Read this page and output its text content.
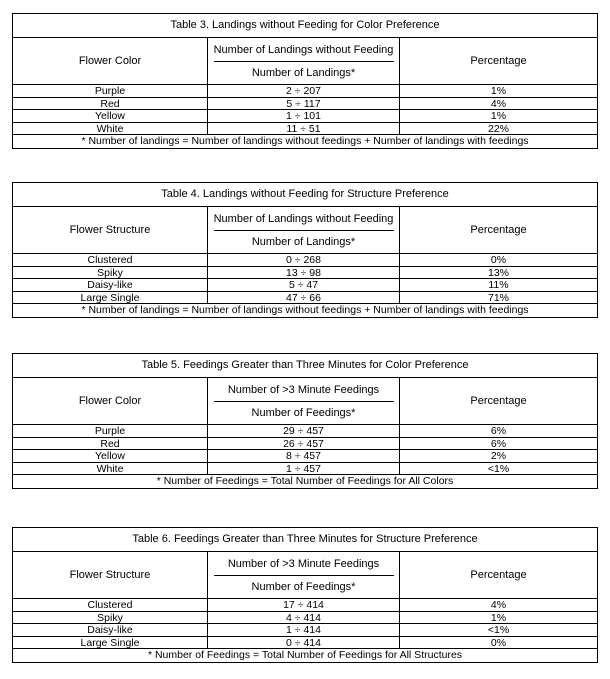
Table 3. Landings without Feeding for Color Preference
Flower Color	$\frac{\text{Number of Landings without Feeding}}{\text{Number of Landings*}}$	Percentage
Purple	2 ÷ 207	1%
Red	5 ÷ 117	4%
Yellow	1 ÷ 101	1%
White	11 ÷ 51	22%
* Number of landings = Number of landings without feedings + Number of landings with feedings
Table 4. Landings without Feeding for Structure Preference
Flower Structure	$\frac{\text{Number of Landings without Feeding}}{\text{Number of Landings*}}$	Percentage
Clustered	0 ÷ 268	0%
Spiky	13 ÷ 98	13%
Daisy-like	5 ÷ 47	11%
Large Single	47 ÷ 66	71%
* Number of landings = Number of landings without feedings + Number of landings with feedings
Table 5. Feedings Greater than Three Minutes for Color Preference
Flower Color	$\frac{\text{Number of >3 Minute Feedings}}{\text{Number of Feedings*}}$	Percentage
Purple	29 ÷ 457	6%
Red	26 ÷ 457	6%
Yellow	8 ÷ 457	2%
White	1 ÷ 457	<1%
* Number of Feedings = Total Number of Feedings for All Colors
Table 6. Feedings Greater than Three Minutes for Structure Preference
Flower Structure	$\frac{\text{Number of >3 Minute Feedings}}{\text{Number of Feedings*}}$	Percentage
Clustered	17 ÷ 414	4%
Spiky	4 ÷ 414	1%
Daisy-like	1 ÷ 414	<1%
Large Single	0 ÷ 414	0%
* Number of Feedings = Total Number of Feedings for All Structures
